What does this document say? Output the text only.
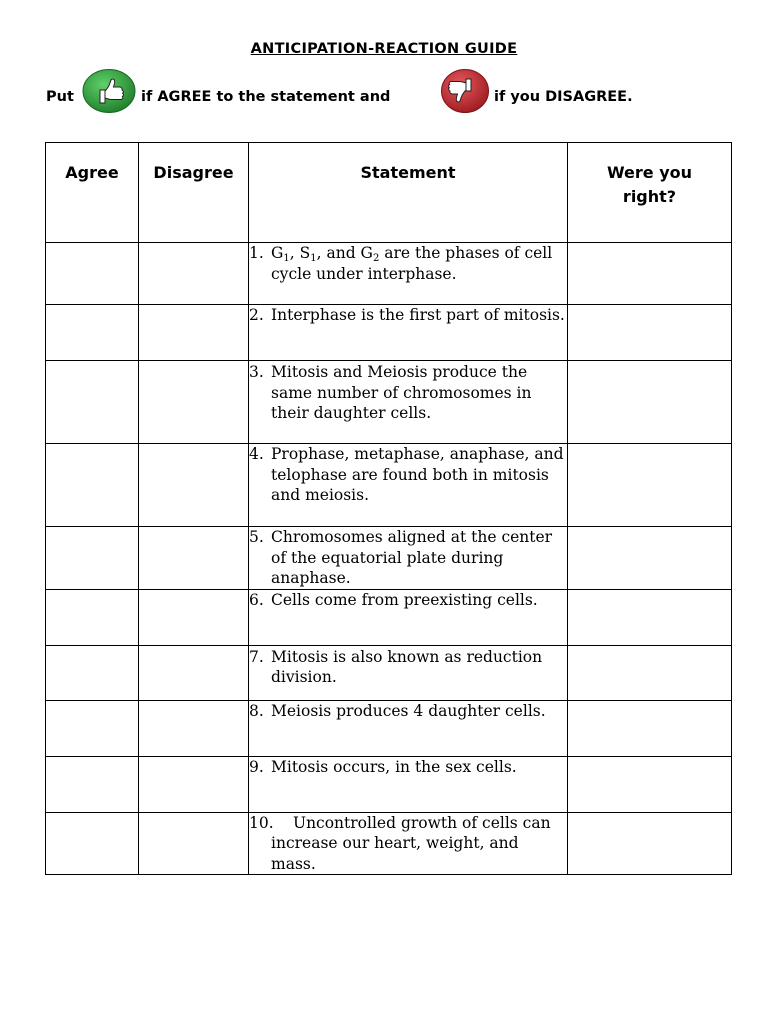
ANTICIPATION-REACTION GUIDE
Put	if AGREE to the statement and	if you DISAGREE.
Agree	Disagree	Statement	Were you right?

		1. $G_1$, $S_1$, and $G_2$ are the phases of cell cycle under interphase.	

		2. Interphase is the first part of mitosis.	

		3. Mitosis and Meiosis produce the same number of chromosomes in their daughter cells.	

		4. Prophase, metaphase, anaphase, and telophase are found both in mitosis and meiosis.	

		5. Chromosomes aligned at the center of the equatorial plate during anaphase.	

		6. Cells come from preexisting cells.	

		7. Mitosis is also known as reduction division.	

		8. Meiosis produces 4 daughter cells.	

		9. Mitosis occurs, in the sex cells.	

		10. Uncontrolled growth of cells can increase our heart, weight, and mass.	
